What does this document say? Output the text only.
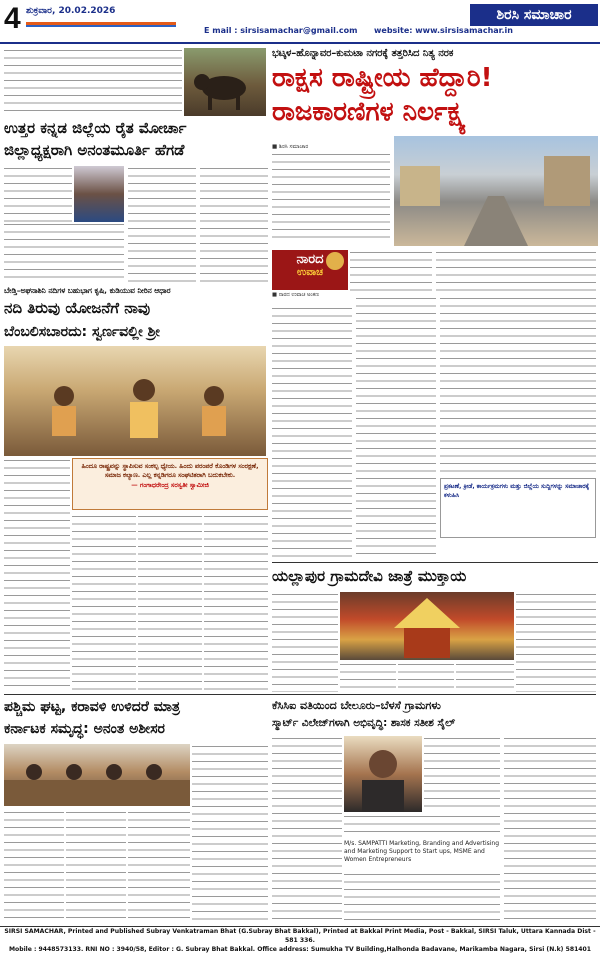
4 ಶುಕ್ರವಾರ, 20.02.2026
E mail : sirsisamachar@gmail.com website: www.sirsisamachar.in
ಶಿರಸಿ ಸಮಾಚಾರ
ಭಟ್ಕಳ–ಹೊನ್ನಾವರ–ಕುಮಟಾ ನಗರಕ್ಕೆ ತತ್ತರಿಸಿದ ನಿತ್ಯ ನರಕ
ರಾಕ್ಷಸ ರಾಷ್ಟ್ರೀಯ ಹೆದ್ದಾರಿ!
ರಾಜಕಾರಣಿಗಳ ನಿರ್ಲಕ್ಷ್ಯ
ಉತ್ತರ ಕನ್ನಡ ಜಿಲ್ಲೆಯ ರೈತ ಮೋರ್ಚಾ
ಜಿಲ್ಲಾಧ್ಯಕ್ಷರಾಗಿ ಅನಂತಮೂರ್ತಿ ಹೆಗಡೆ	■ ಶಿರಸಿ ಸಮಾಚಾರ
ನಾರದ
ಉವಾಚ
■ ನಾರದ ಉವಾಚ ಅಂಕಣ
ಬೇಡ್ತಿ–ಅಘನಾಶಿನಿ ನದಿಗಳ ಬಹುಭಾಗ ಕೃಷಿ, ಕುಡಿಯುವ ನೀರಿನ ಆಧಾರ
ನದಿ ತಿರುವು ಯೋಜನೆಗೆ ನಾವು
ಬೆಂಬಲಿಸಬಾರದು: ಸ್ವರ್ಣವಲ್ಲೀ ಶ್ರೀ
ಹಿಂದೂ ರಾಷ್ಟ್ರವನ್ನು ಸ್ಥಾಪಿಸುವ ಸಂಕಲ್ಪ ಧ್ಯೇಯ. ಹಿಂದು ಪರಂಪರೆ ಕೊಂಡಿಗಳ ಸಂರಕ್ಷಣೆ, ಸಮಾಜ ಕಲ್ಯಾಣ. ಎಲ್ಲ ಕನ್ನಡಿಗರೂ ಸಂಘಟಿತರಾಗಿ ಬದುಕಬೇಕು.
— ಗಂಗಾಧರೇಂದ್ರ ಸರಸ್ವತೀ ಸ್ವಾಮೀಜಿ	ಪ್ರಕಟಣೆ, ಕ್ರೀಡೆ, ಕಾರ್ಯಕ್ರಮಗಳು ಮತ್ತು ಜಿಲ್ಲೆಯ ಸುದ್ದಿಗಳನ್ನು ಸಮಾಚಾರಕ್ಕೆ ಕಳುಹಿಸಿ
ಯಲ್ಲಾಪುರ ಗ್ರಾಮದೇವಿ ಜಾತ್ರೆ ಮುಕ್ತಾಯ
ಪಶ್ಚಿಮ ಘಟ್ಟ, ಕರಾವಳಿ ಉಳಿದರೆ ಮಾತ್ರ
ಕರ್ನಾಟಕ ಸಮೃದ್ಧ: ಅನಂತ ಅಶೀಸರ
ಕೆಸಿಸಿಐ ವತಿಯಿಂದ ಬೇಲೂರು–ಬೆಳಸೆ ಗ್ರಾಮಗಳು
ಸ್ಮಾರ್ಟ್ ವಿಲೇಜ್‌ಗಳಾಗಿ ಅಭಿವೃದ್ಧಿ: ಶಾಸಕ ಸತೀಶ ಸೈಲ್
M/s. SAMPATTI Marketing, Branding and Advertising and Marketing Support to Start ups, MSME and Women Entrepreneurs
SIRSI SAMACHAR, Printed and Published Subray Venkatraman Bhat (G.Subray Bhat Bakkal), Printed at Bakkal Print Media, Post - Bakkal, SIRSI Taluk, Uttara Kannada Dist - 581 336.
Mobile : 9448573133. RNI NO : 3940/58, Editor : G. Subray Bhat Bakkal. Office address: Sumukha TV Building,Halhonda Badavane, Marikamba Nagara, Sirsi (N.k) 581401
